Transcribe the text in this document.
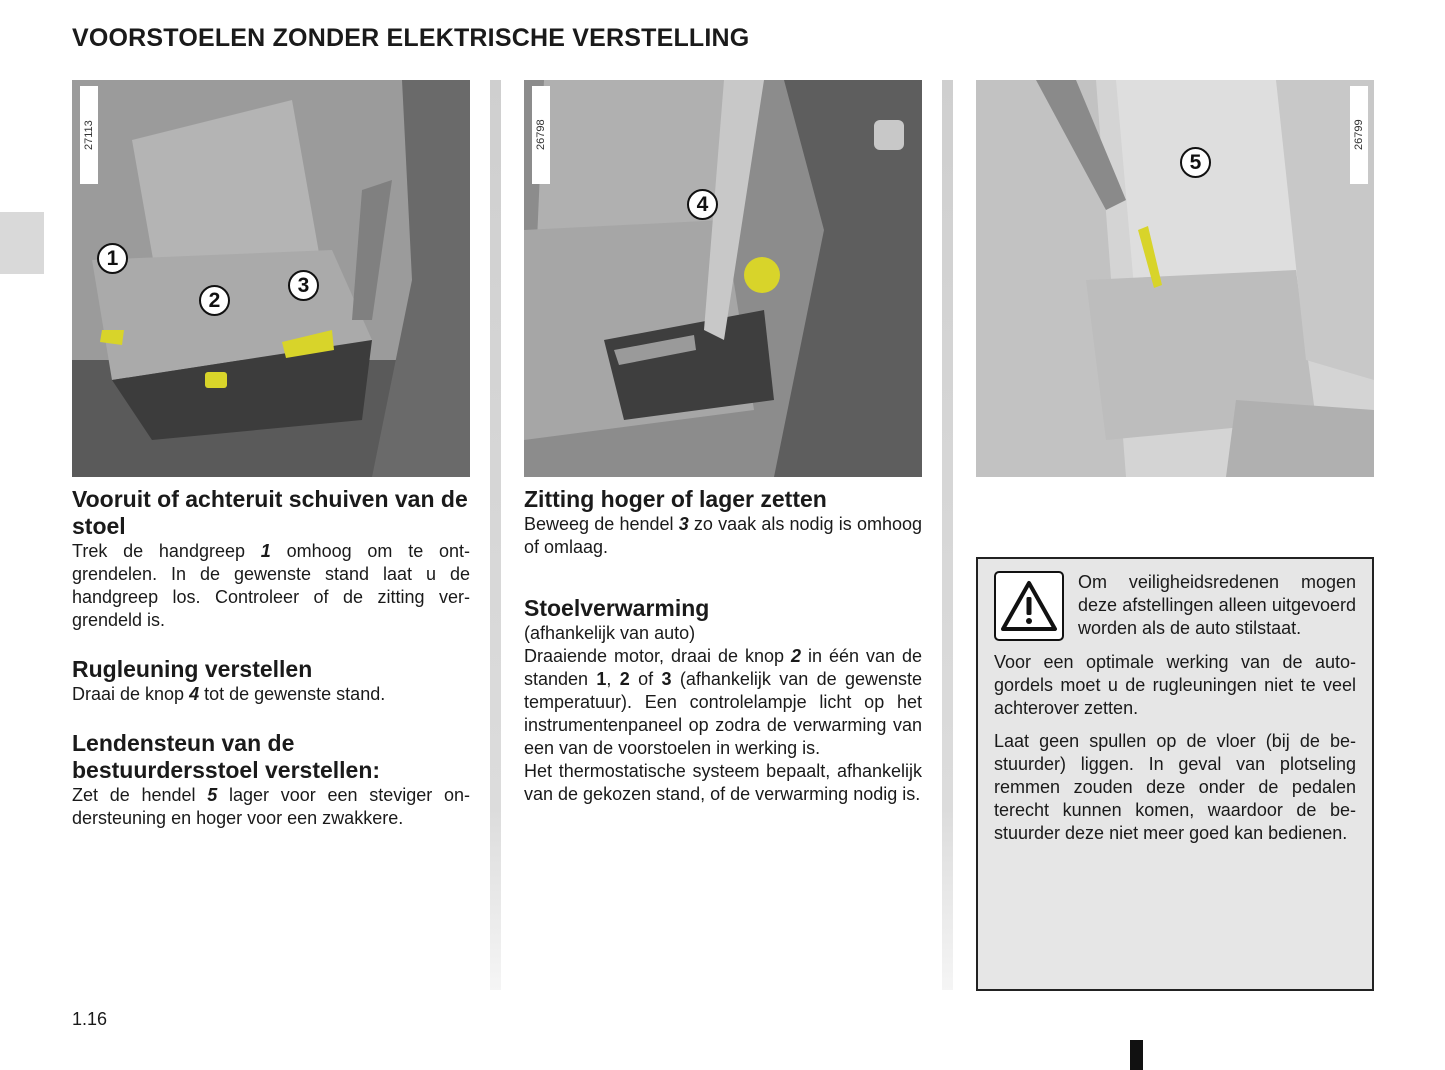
VOORSTOELEN ZONDER ELEKTRISCHE VERSTELLING
27113
1
2
3
26798
4
26799
5
Vooruit of achteruit schuiven van de stoel

Trek de handgreep 1 omhoog om te ontgrendelen. In de gewenste stand laat u de handgreep los. Controleer of de zitting vergrendeld is.

Rugleuning verstellen

Draai de knop 4 tot de gewenste stand.

Lendensteun van de bestuurdersstoel verstellen:

Zet de hendel 5 lager voor een steviger ondersteuning en hoger voor een zwakkere.

Zitting hoger of lager zetten

Beweeg de hendel 3 zo vaak als nodig is omhoog of omlaag.

Stoelverwarming

(afhankelijk van auto)

Draaiende motor, draai de knop 2 in één van de standen 1, 2 of 3 (afhankelijk van de gewenste temperatuur). Een controlelampje licht op het instrumentenpaneel op zodra de verwarming van een van de voorstoelen in werking is.

Het thermostatische systeem bepaalt, afhankelijk van de gekozen stand, of de verwarming nodig is.

Om veiligheidsredenen mogen deze afstellingen alleen uitgevoerd worden als de auto stilstaat.

Voor een optimale werking van de autogordels moet u de rugleuningen niet te veel achterover zetten.

Laat geen spullen op de vloer (bij de bestuurder) liggen. In geval van plotseling remmen zouden deze onder de pedalen terecht kunnen komen, waardoor de bestuurder deze niet meer goed kan bedienen.

1.16
